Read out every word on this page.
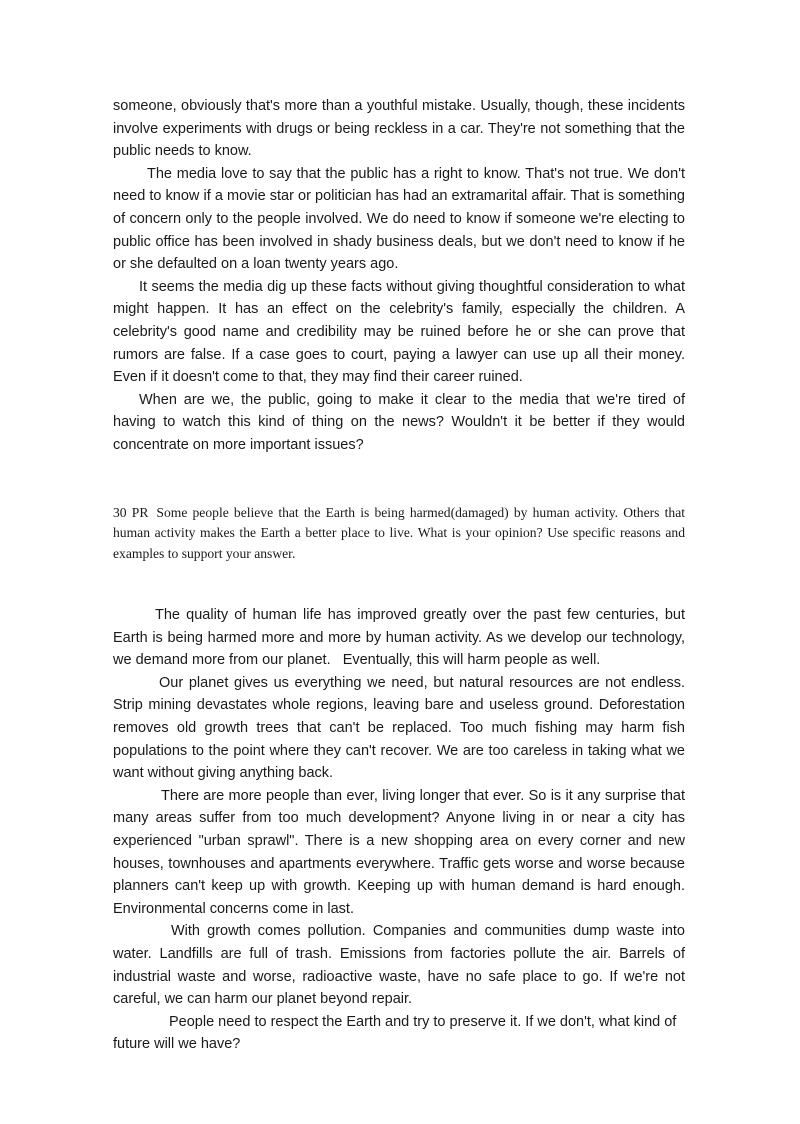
someone, obviously that's more than a youthful mistake. Usually, though, these incidents involve experiments with drugs or being reckless in a car. They're not something that the public needs to know.

The media love to say that the public has a right to know. That's not true. We don't need to know if a movie star or politician has had an extramarital affair. That is something of concern only to the people involved. We do need to know if someone we're electing to public office has been involved in shady business deals, but we don't need to know if he or she defaulted on a loan twenty years ago.

It seems the media dig up these facts without giving thoughtful consideration to what might happen. It has an effect on the celebrity's family, especially the children. A celebrity's good name and credibility may be ruined before he or she can prove that rumors are false. If a case goes to court, paying a lawyer can use up all their money. Even if it doesn't come to that, they may find their career ruined.

When are we, the public, going to make it clear to the media that we're tired of having to watch this kind of thing on the news? Wouldn't it be better if they would concentrate on more important issues?

30 PR Some people believe that the Earth is being harmed(damaged) by human activity. Others that human activity makes the Earth a better place to live. What is your opinion? Use specific reasons and examples to support your answer.

The quality of human life has improved greatly over the past few centuries, but Earth is being harmed more and more by human activity. As we develop our technology, we demand more from our planet.   Eventually, this will harm people as well.

Our planet gives us everything we need, but natural resources are not endless. Strip mining devastates whole regions, leaving bare and useless ground. Deforestation removes old growth trees that can't be replaced. Too much fishing may harm fish populations to the point where they can't recover. We are too careless in taking what we want without giving anything back.

There are more people than ever, living longer that ever. So is it any surprise that many areas suffer from too much development? Anyone living in or near a city has experienced "urban sprawl". There is a new shopping area on every corner and new houses, townhouses and apartments everywhere. Traffic gets worse and worse because planners can't keep up with growth. Keeping up with human demand is hard enough. Environmental concerns come in last.

With growth comes pollution. Companies and communities dump waste into water. Landfills are full of trash. Emissions from factories pollute the air. Barrels of industrial waste and worse, radioactive waste, have no safe place to go. If we're not careful, we can harm our planet beyond repair.

People need to respect the Earth and try to preserve it. If we don't, what kind of future will we have?
